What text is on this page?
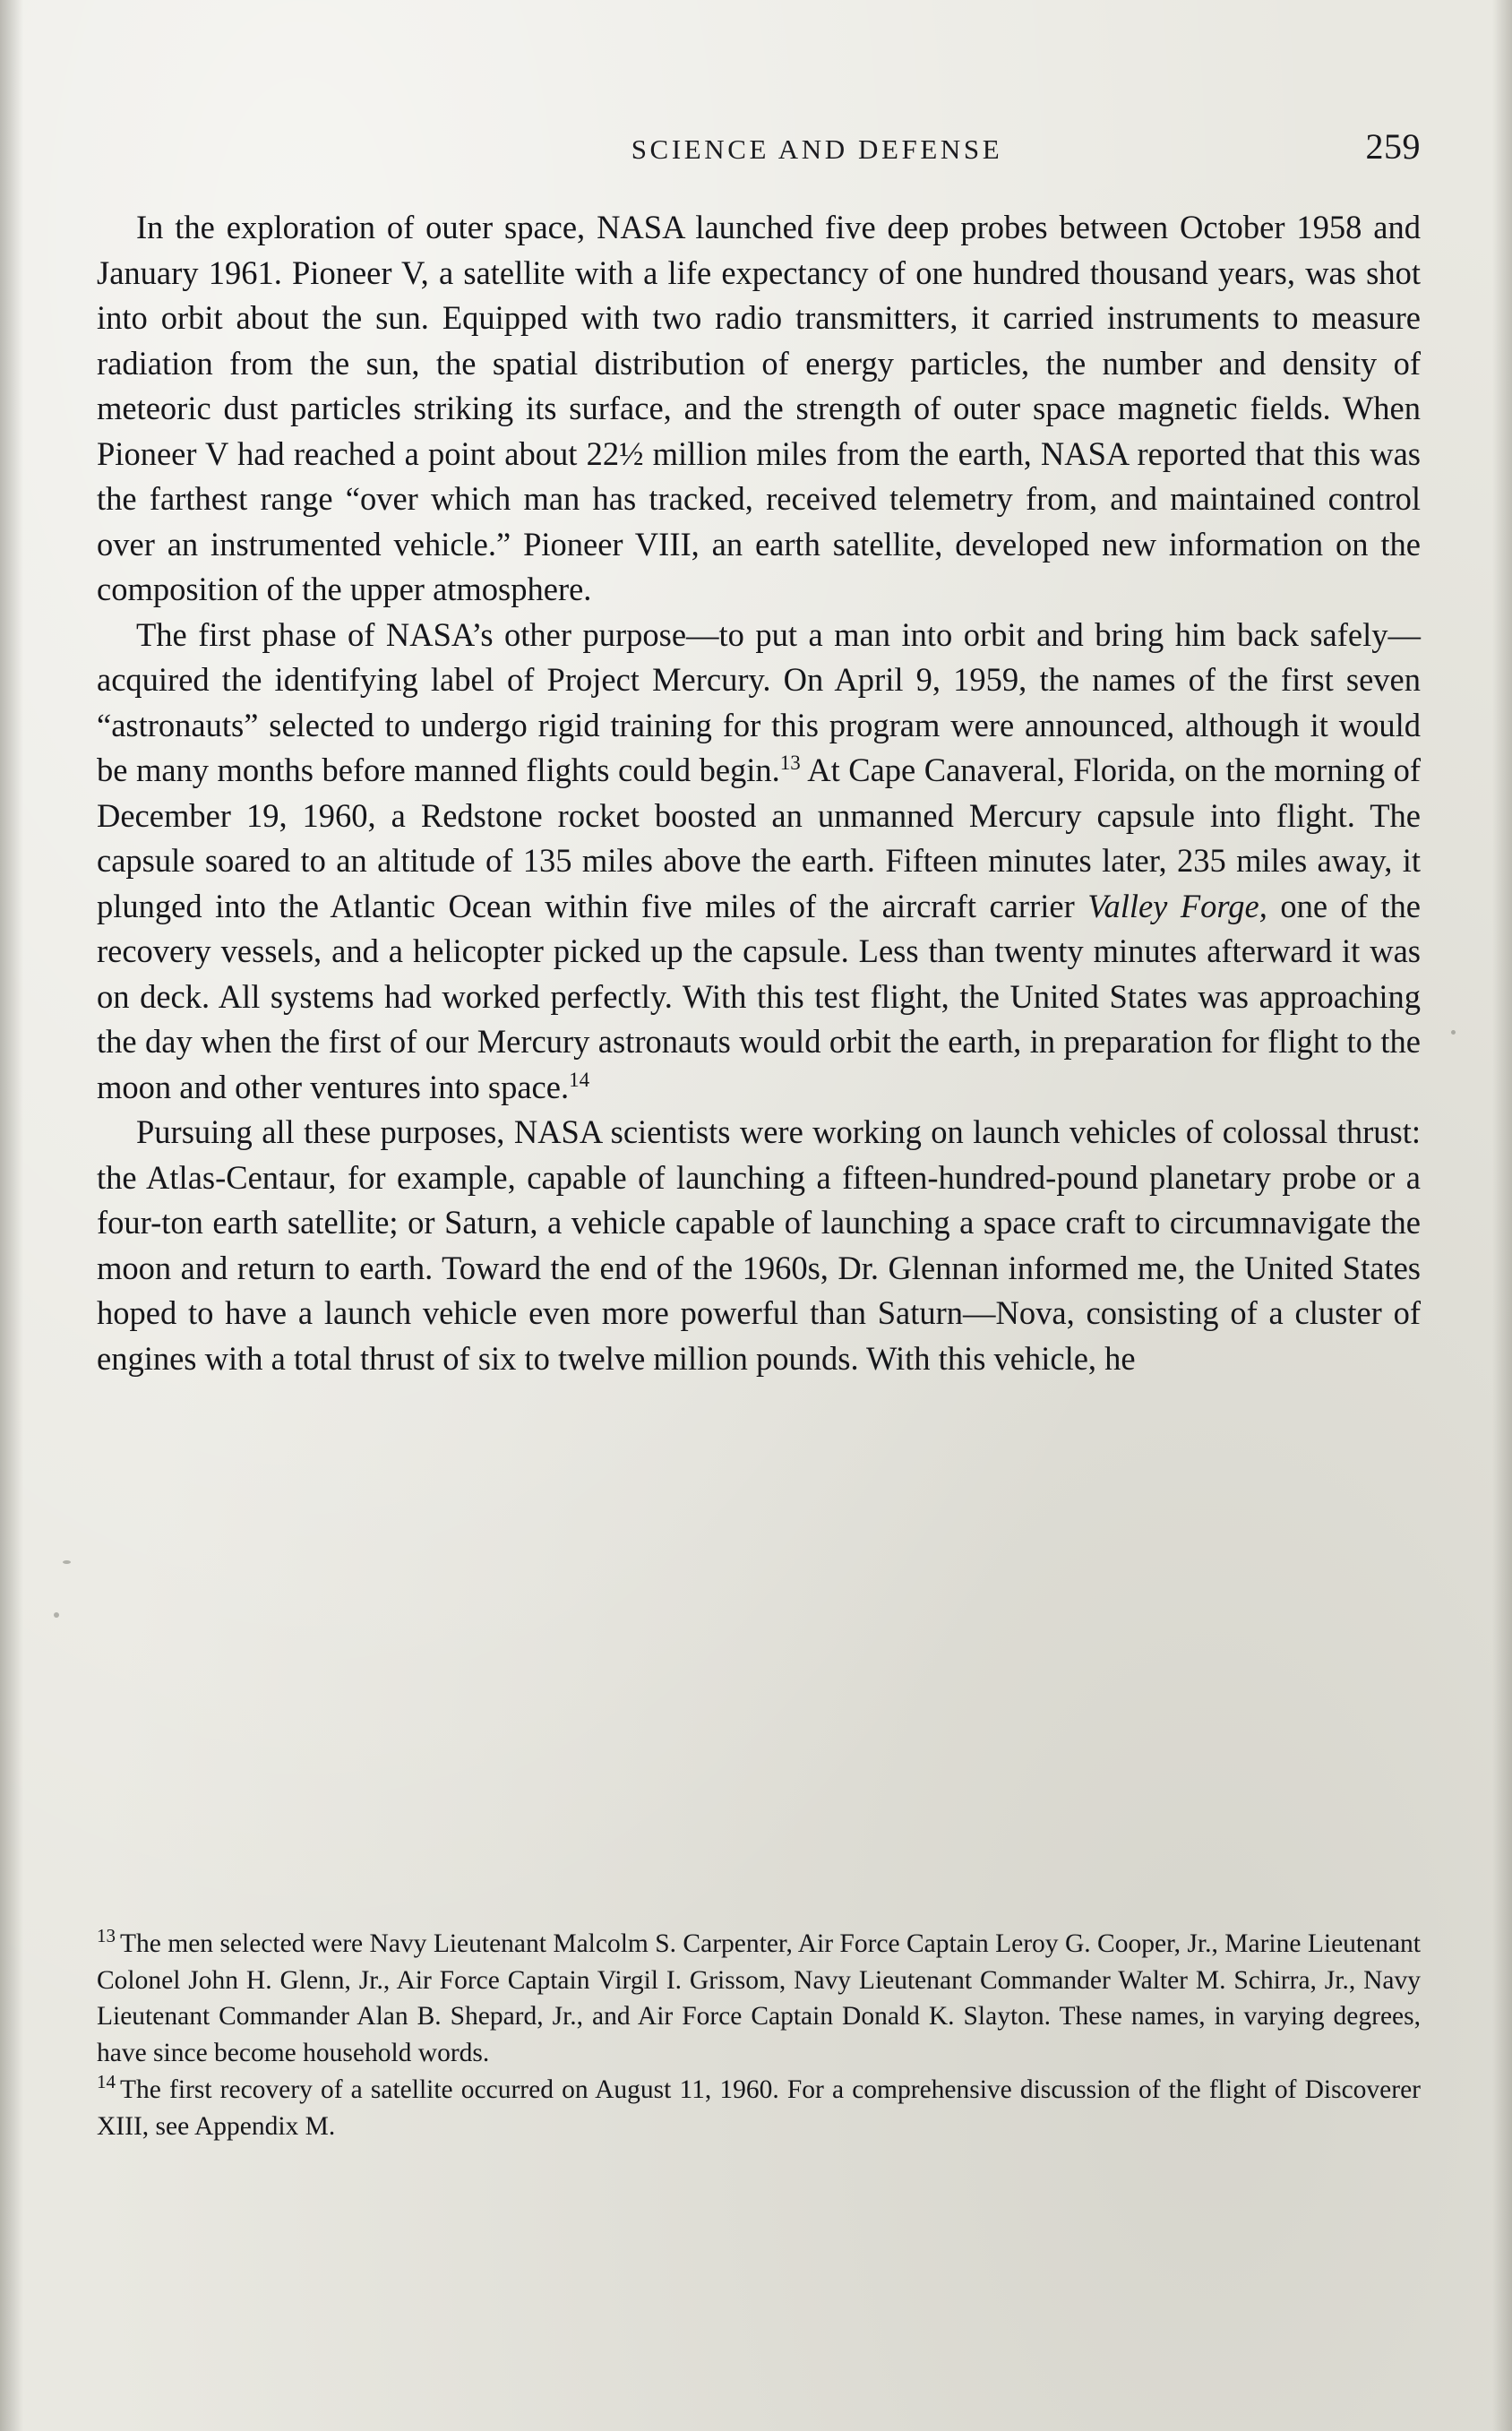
SCIENCE AND DEFENSE	259

In the exploration of outer space, NASA launched five deep probes between October 1958 and January 1961. Pioneer V, a satellite with a life expectancy of one hundred thousand years, was shot into orbit about the sun. Equipped with two radio transmitters, it carried instruments to measure radiation from the sun, the spatial distribution of energy particles, the number and density of meteoric dust particles striking its surface, and the strength of outer space magnetic fields. When Pioneer V had reached a point about 22½ million miles from the earth, NASA reported that this was the farthest range “over which man has tracked, received telemetry from, and maintained control over an instrumented vehicle.” Pioneer VIII, an earth satellite, developed new information on the composition of the upper atmosphere.

The first phase of NASA’s other purpose—to put a man into orbit and bring him back safely—acquired the identifying label of Project Mercury. On April 9, 1959, the names of the first seven “astronauts” selected to undergo rigid training for this program were announced, although it would be many months before manned flights could begin.$^{13}$ At Cape Canaveral, Florida, on the morning of December 19, 1960, a Redstone rocket boosted an unmanned Mercury capsule into flight. The capsule soared to an altitude of 135 miles above the earth. Fifteen minutes later, 235 miles away, it plunged into the Atlantic Ocean within five miles of the aircraft carrier Valley Forge, one of the recovery vessels, and a helicopter picked up the capsule. Less than twenty minutes afterward it was on deck. All systems had worked perfectly. With this test flight, the United States was approaching the day when the first of our Mercury astronauts would orbit the earth, in preparation for flight to the moon and other ventures into space.$^{14}$

Pursuing all these purposes, NASA scientists were working on launch vehicles of colossal thrust: the Atlas-Centaur, for example, capable of launching a fifteen-hundred-pound planetary probe or a four-ton earth satellite; or Saturn, a vehicle capable of launching a space craft to circumnavigate the moon and return to earth. Toward the end of the 1960s, Dr. Glennan informed me, the United States hoped to have a launch vehicle even more powerful than Saturn—Nova, consisting of a cluster of engines with a total thrust of six to twelve million pounds. With this vehicle, he

$^{13}$ The men selected were Navy Lieutenant Malcolm S. Carpenter, Air Force Captain Leroy G. Cooper, Jr., Marine Lieutenant Colonel John H. Glenn, Jr., Air Force Captain Virgil I. Grissom, Navy Lieutenant Commander Walter M. Schirra, Jr., Navy Lieutenant Commander Alan B. Shepard, Jr., and Air Force Captain Donald K. Slayton. These names, in varying degrees, have since become household words.

$^{14}$ The first recovery of a satellite occurred on August 11, 1960. For a comprehensive discussion of the flight of Discoverer XIII, see Appendix M.
